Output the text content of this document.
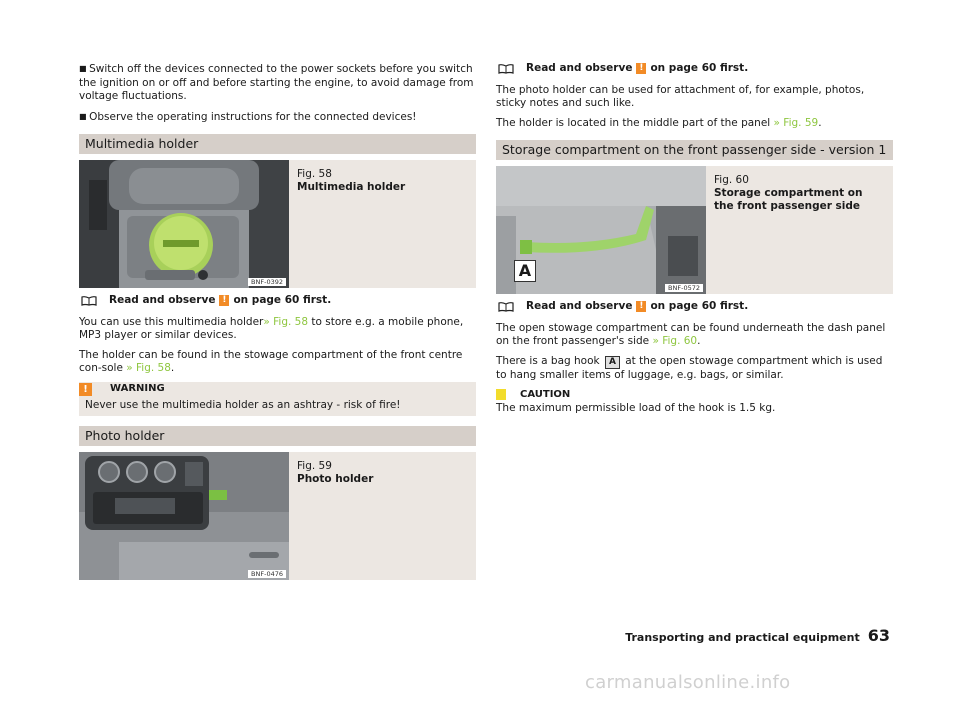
■ Switch off the devices connected to the power sockets before you switch the ignition on or off and before starting the engine, to avoid damage from voltage fluctuations.

■ Observe the operating instructions for the connected devices!

Multimedia holder
BNF-0392
Fig. 58
Multimedia holder
Read and observe ! on page 60 first.

You can use this multimedia holder» Fig. 58 to store e.g. a mobile phone, MP3 player or similar devices.

The holder can be found in the stowage compartment of the front centre con-sole » Fig. 58.

!	WARNING
Never use the multimedia holder as an ashtray - risk of fire!
Photo holder
BNF-0476
Fig. 59
Photo holder
Read and observe ! on page 60 first.

The photo holder can be used for attachment of, for example, photos, sticky notes and such like.

The holder is located in the middle part of the panel » Fig. 59.

Storage compartment on the front passenger side - version 1
A
BNF-0572
Fig. 60
Storage compartment on the front passenger side
Read and observe ! on page 60 first.

The open stowage compartment can be found underneath the dash panel on the front passenger's side » Fig. 60.

There is a bag hook A at the open stowage compartment which is used to hang smaller items of luggage, e.g. bags, or similar.

CAUTION

The maximum permissible load of the hook is 1.5 kg.

Transporting and practical equipment 63
carmanualsonline.info
